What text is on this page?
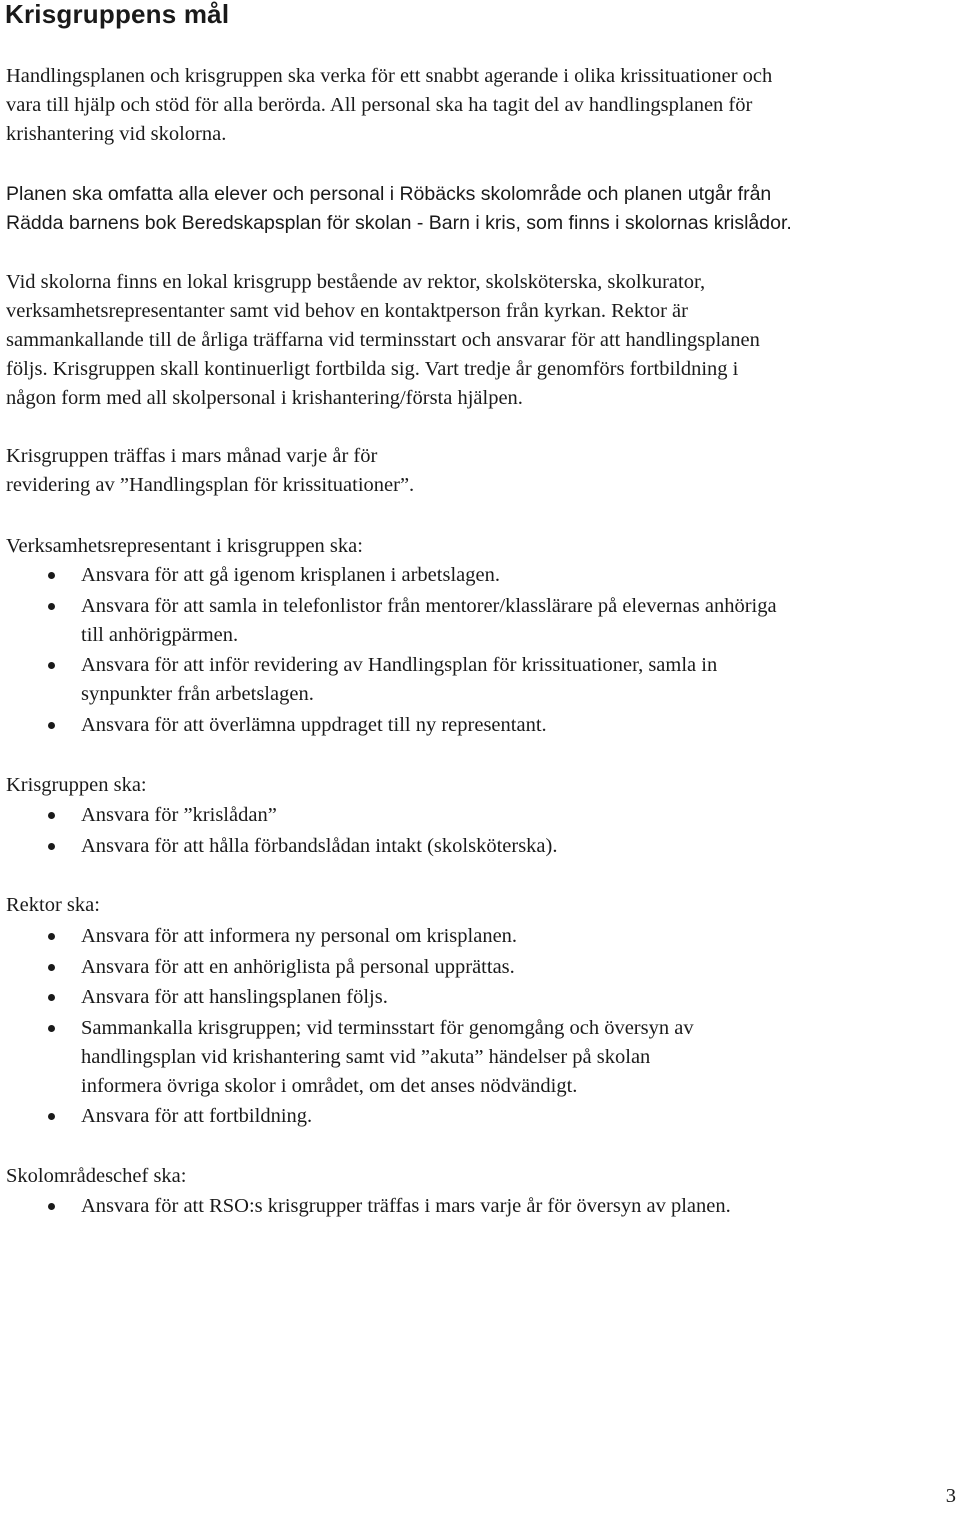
Krisgruppens mål
Handlingsplanen och krisgruppen ska verka för ett snabbt agerande i olika krissituationer och
vara till hjälp och stöd för alla berörda. All personal ska ha tagit del av handlingsplanen för
krishantering vid skolorna.
Planen ska omfatta alla elever och personal i Röbäcks skolområde och planen utgår från
Rädda barnens bok Beredskapsplan för skolan - Barn i kris, som finns i skolornas krislådor.
Vid skolorna finns en lokal krisgrupp bestående av rektor, skolsköterska, skolkurator,
verksamhetsrepresentanter samt vid behov en kontaktperson från kyrkan. Rektor är
sammankallande till de årliga träffarna vid terminsstart och ansvarar för att handlingsplanen
följs. Krisgruppen skall kontinuerligt fortbilda sig. Vart tredje år genomförs fortbildning i
någon form med all skolpersonal i krishantering/första hjälpen.
Krisgruppen träffas i mars månad varje år för
revidering av ”Handlingsplan för krissituationer”.
Verksamhetsrepresentant i krisgruppen ska:
Ansvara för att gå igenom krisplanen i arbetslagen.
Ansvara för att samla in telefonlistor från mentorer/klasslärare på elevernas anhöriga
till anhörigpärmen.
Ansvara för att inför revidering av Handlingsplan för krissituationer, samla in
synpunkter från arbetslagen.
Ansvara för att överlämna uppdraget till ny representant.
Krisgruppen ska:
Ansvara för ”krislådan”
Ansvara för att hålla förbandslådan intakt (skolsköterska).
Rektor ska:
Ansvara för att informera ny personal om krisplanen.
Ansvara för att en anhöriglista på personal upprättas.
Ansvara för att hanslingsplanen följs.
Sammankalla krisgruppen; vid terminsstart för genomgång och översyn av
handlingsplan vid krishantering samt vid ”akuta” händelser på skolan
informera övriga skolor i området, om det anses nödvändigt.
Ansvara för att fortbildning.
Skolområdeschef ska:
Ansvara för att RSO:s krisgrupper träffas i mars varje år för översyn av planen.
3
